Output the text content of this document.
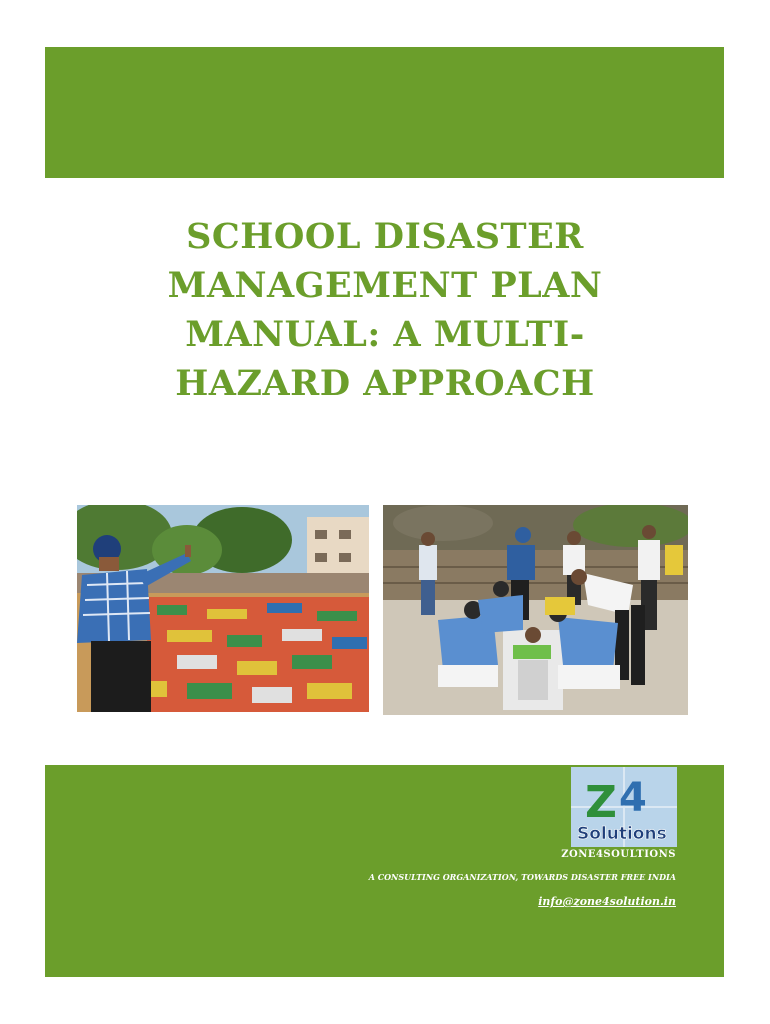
SCHOOL DISASTER
MANAGEMENT PLAN
MANUAL: A MULTI-
HAZARD APPROACH
Z 4
Solutions
ZONE4SOULTIONS
A CONSULTING ORGANIZATION, TOWARDS DISASTER FREE INDIA
info@zone4solution.in
